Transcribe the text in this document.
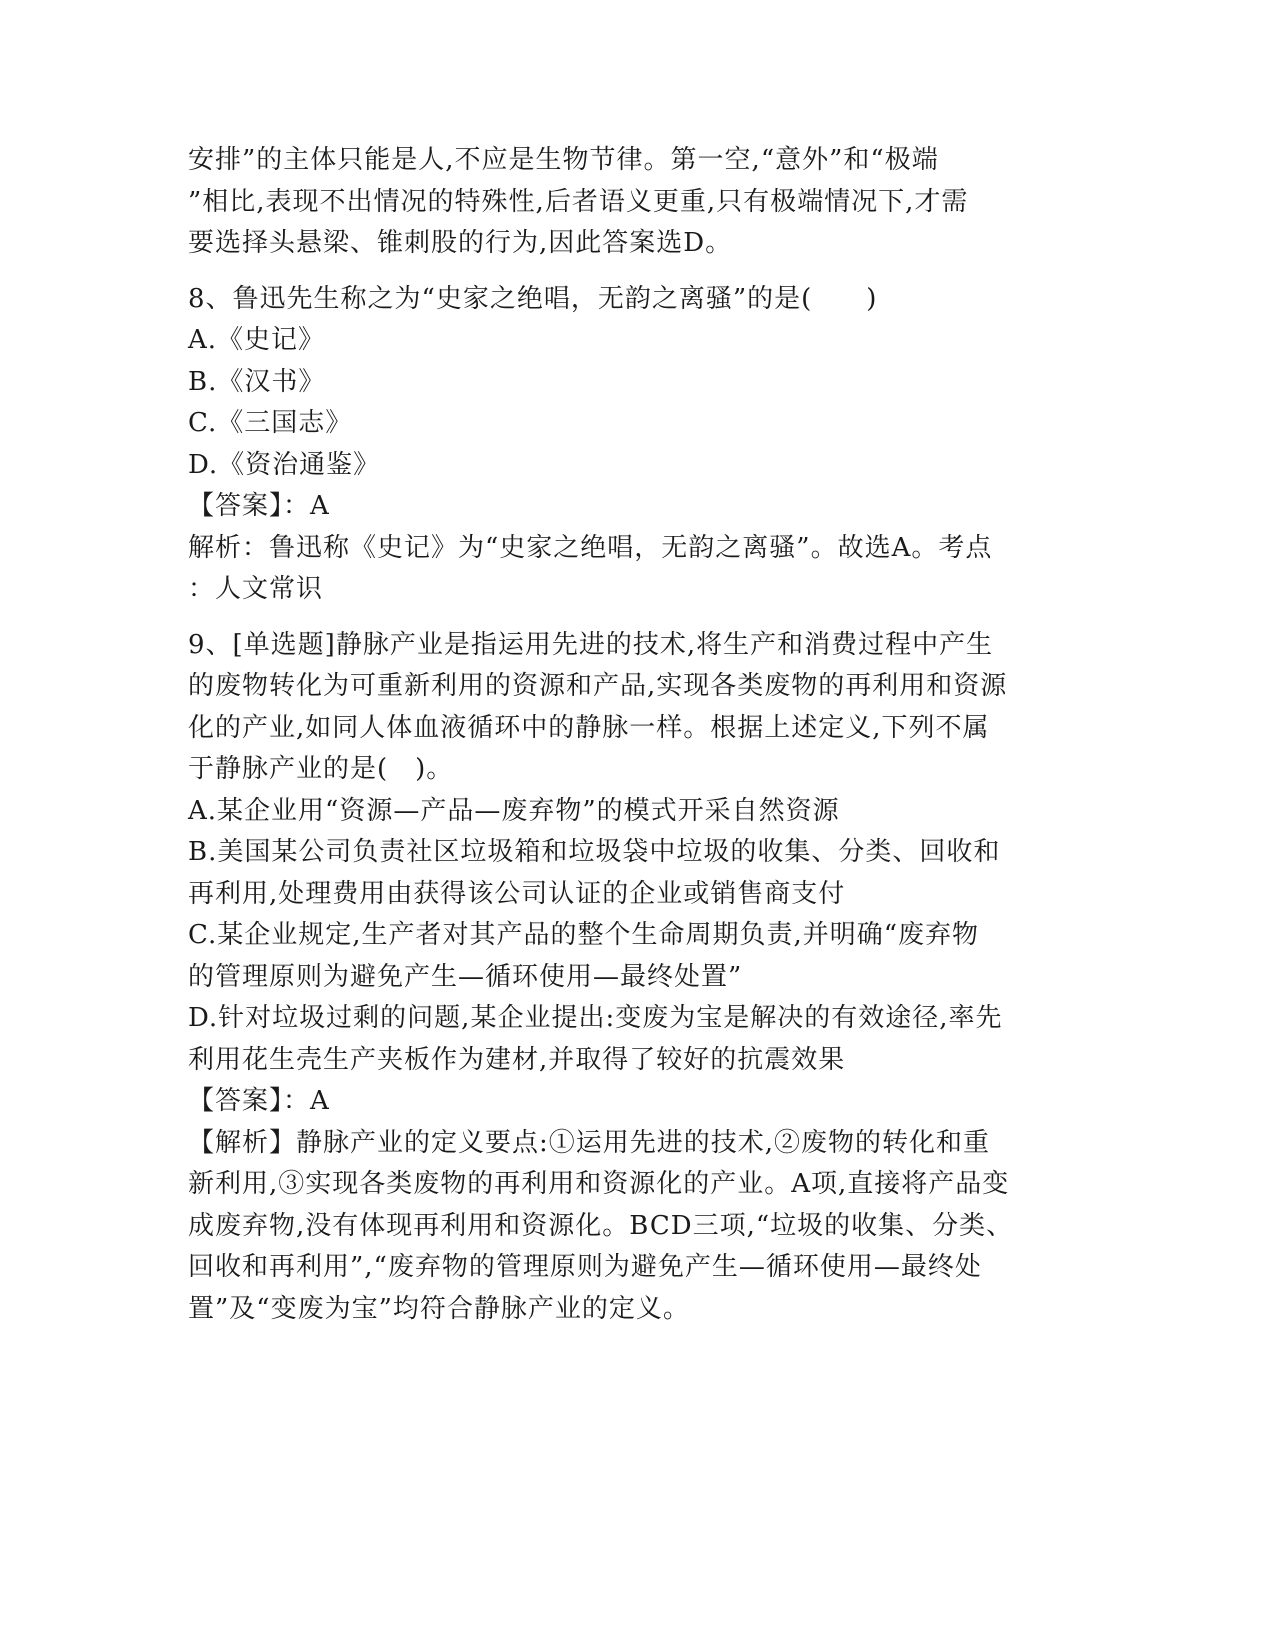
安排”的主体只能是人,不应是生物节律。第一空,“意外”和“极端
”相比,表现不出情况的特殊性,后者语义更重,只有极端情况下,才需
要选择头悬梁、锥刺股的行为,因此答案选D。
8、鲁迅先生称之为“史家之绝唱，无韵之离骚”的是(　　)
A.《史记》
B.《汉书》
C.《三国志》
D.《资治通鉴》
【答案】：A
解析：鲁迅称《史记》为“史家之绝唱，无韵之离骚”。故选A。考点
：人文常识
9、[单选题]静脉产业是指运用先进的技术,将生产和消费过程中产生
的废物转化为可重新利用的资源和产品,实现各类废物的再利用和资源
化的产业,如同人体血液循环中的静脉一样。根据上述定义,下列不属
于静脉产业的是(　)。
A.某企业用“资源—产品—废弃物”的模式开采自然资源
B.美国某公司负责社区垃圾箱和垃圾袋中垃圾的收集、分类、回收和
再利用,处理费用由获得该公司认证的企业或销售商支付
C.某企业规定,生产者对其产品的整个生命周期负责,并明确“废弃物
的管理原则为避免产生—循环使用—最终处置”
D.针对垃圾过剩的问题,某企业提出:变废为宝是解决的有效途径,率先
利用花生壳生产夹板作为建材,并取得了较好的抗震效果
【答案】：A
【解析】静脉产业的定义要点:①运用先进的技术,②废物的转化和重
新利用,③实现各类废物的再利用和资源化的产业。A项,直接将产品变
成废弃物,没有体现再利用和资源化。BCD三项,“垃圾的收集、分类、
回收和再利用”,“废弃物的管理原则为避免产生—循环使用—最终处
置”及“变废为宝”均符合静脉产业的定义。
